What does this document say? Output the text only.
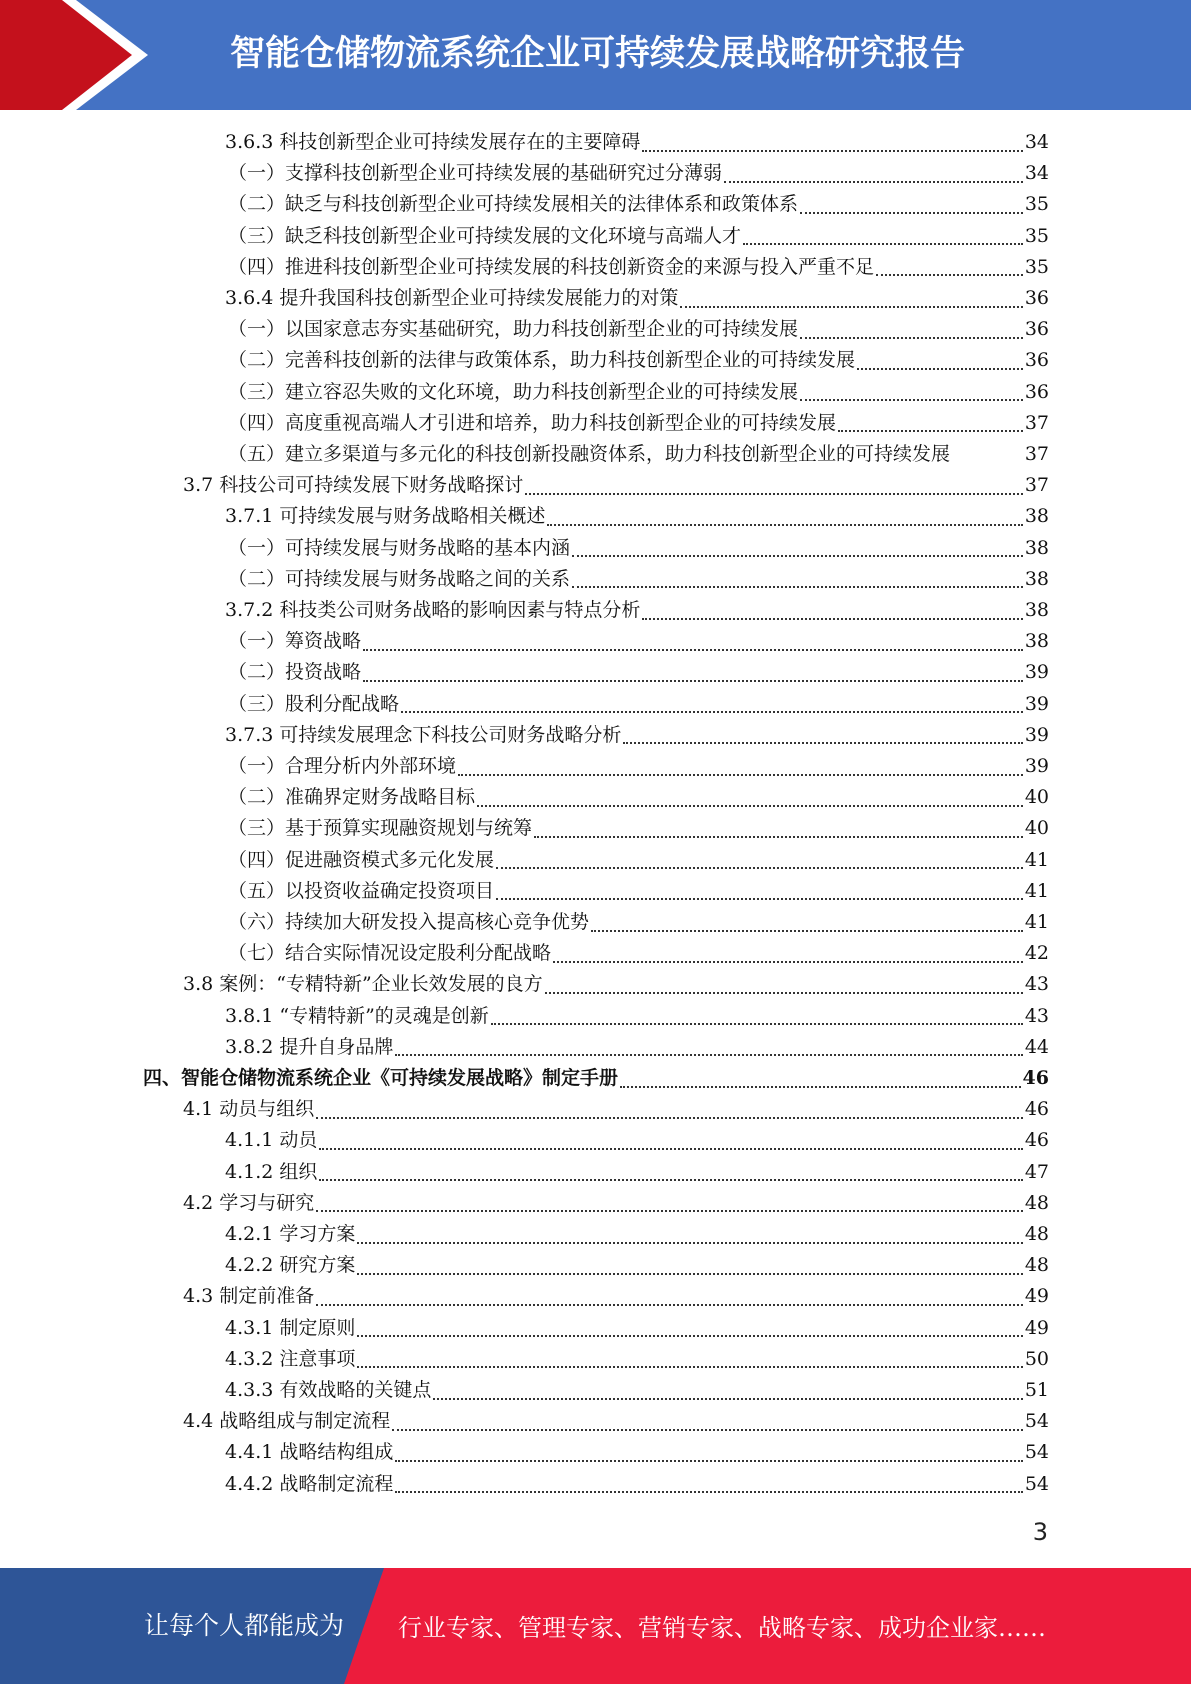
智能仓储物流系统企业可持续发展战略研究报告
3.6.3 科技创新型企业可持续发展存在的主要障碍	34
（一）支撑科技创新型企业可持续发展的基础研究过分薄弱	34
（二）缺乏与科技创新型企业可持续发展相关的法律体系和政策体系	35
（三）缺乏科技创新型企业可持续发展的文化环境与高端人才	35
（四）推进科技创新型企业可持续发展的科技创新资金的来源与投入严重不足	35
3.6.4 提升我国科技创新型企业可持续发展能力的对策	36
（一）以国家意志夯实基础研究，助力科技创新型企业的可持续发展	36
（二）完善科技创新的法律与政策体系，助力科技创新型企业的可持续发展	36
（三）建立容忍失败的文化环境，助力科技创新型企业的可持续发展	36
（四）高度重视高端人才引进和培养，助力科技创新型企业的可持续发展	37
（五）建立多渠道与多元化的科技创新投融资体系，助力科技创新型企业的可持续发展	37
3.7 科技公司可持续发展下财务战略探讨	37
3.7.1 可持续发展与财务战略相关概述	38
（一）可持续发展与财务战略的基本内涵	38
（二）可持续发展与财务战略之间的关系	38
3.7.2 科技类公司财务战略的影响因素与特点分析	38
（一）筹资战略	38
（二）投资战略	39
（三）股利分配战略	39
3.7.3 可持续发展理念下科技公司财务战略分析	39
（一）合理分析内外部环境	39
（二）准确界定财务战略目标	40
（三）基于预算实现融资规划与统筹	40
（四）促进融资模式多元化发展	41
（五）以投资收益确定投资项目	41
（六）持续加大研发投入提高核心竞争优势	41
（七）结合实际情况设定股利分配战略	42
3.8 案例：“专精特新”企业长效发展的良方	43
3.8.1 “专精特新”的灵魂是创新	43
3.8.2 提升自身品牌	44
四、智能仓储物流系统企业《可持续发展战略》制定手册	46
4.1 动员与组织	46
4.1.1 动员	46
4.1.2 组织	47
4.2 学习与研究	48
4.2.1 学习方案	48
4.2.2 研究方案	48
4.3 制定前准备	49
4.3.1 制定原则	49
4.3.2 注意事项	50
4.3.3 有效战略的关键点	51
4.4 战略组成与制定流程	54
4.4.1 战略结构组成	54
4.4.2 战略制定流程	54
3
让每个人都能成为 行业专家、管理专家、营销专家、战略专家、成功企业家……
